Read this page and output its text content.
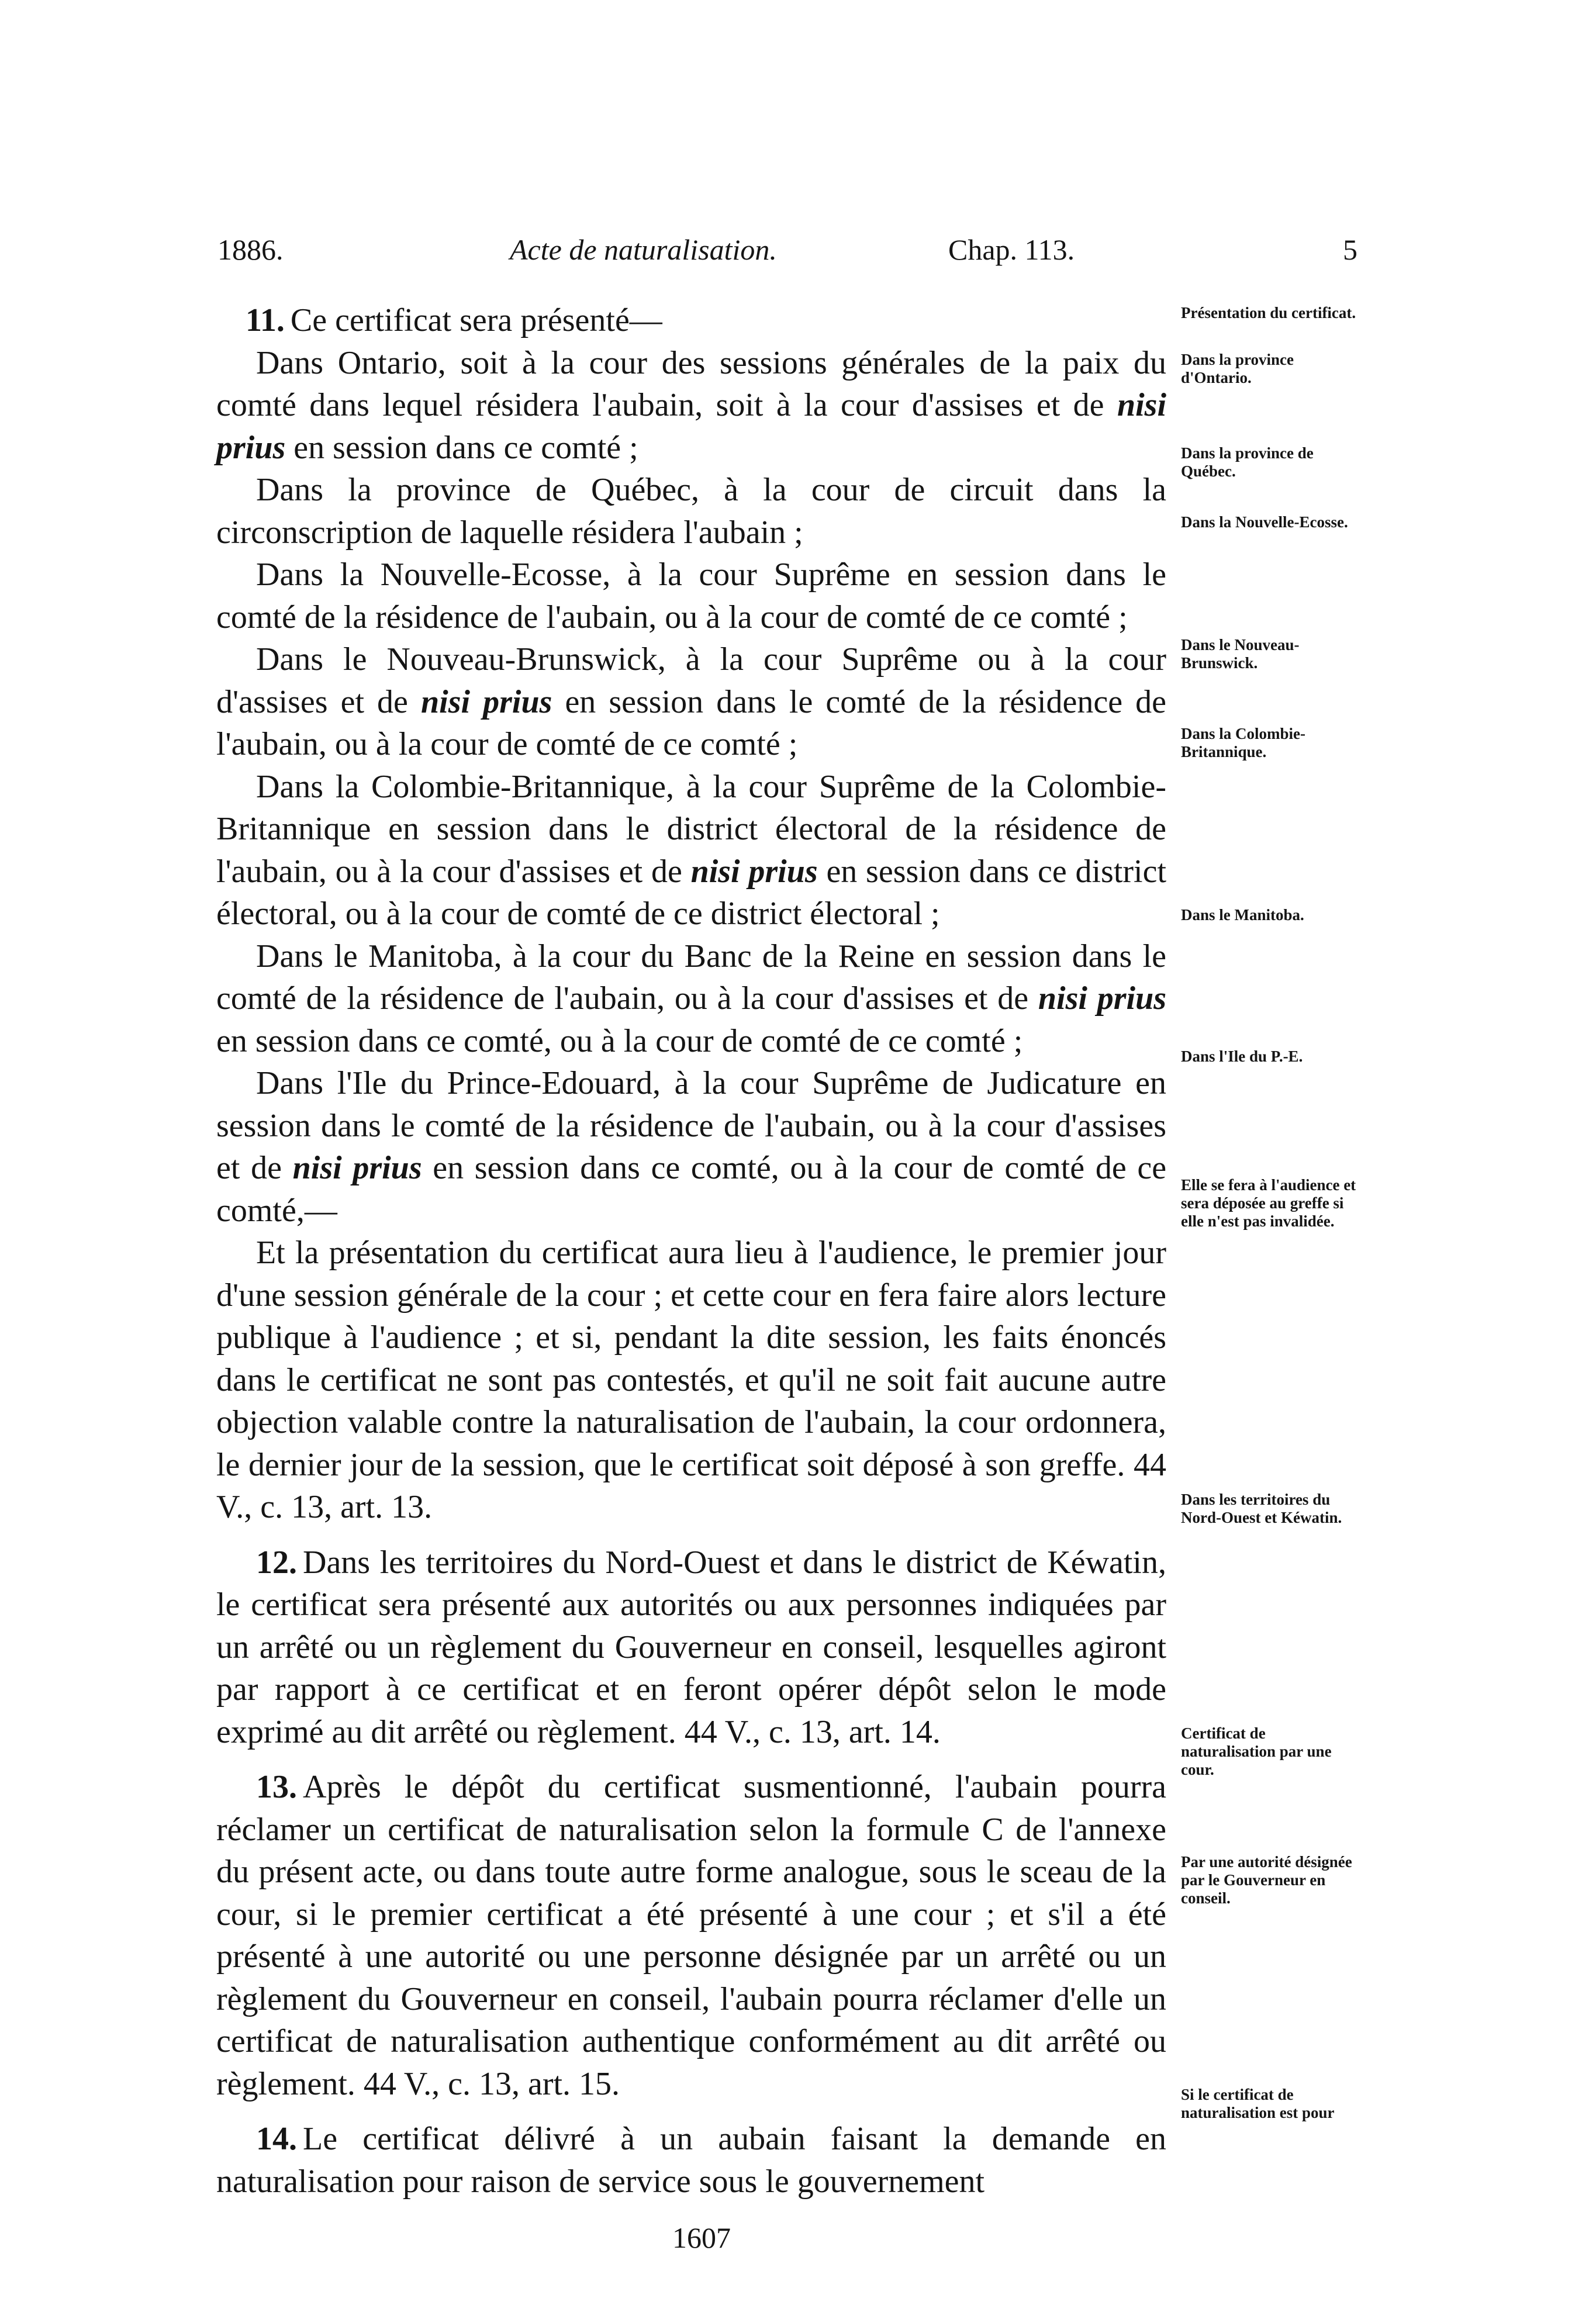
1886.	Acte de naturalisation.	Chap. 113.	5

11. Ce certificat sera présenté—

Dans Ontario, soit à la cour des sessions générales de la paix du comté dans lequel résidera l'aubain, soit à la cour d'assises et de nisi prius en session dans ce comté ;

Dans la province de Québec, à la cour de circuit dans la circonscription de laquelle résidera l'aubain ;

Dans la Nouvelle-Ecosse, à la cour Suprême en session dans le comté de la résidence de l'aubain, ou à la cour de comté de ce comté ;

Dans le Nouveau-Brunswick, à la cour Suprême ou à la cour d'assises et de nisi prius en session dans le comté de la résidence de l'aubain, ou à la cour de comté de ce comté ;

Dans la Colombie-Britannique, à la cour Suprême de la Colombie-Britannique en session dans le district électoral de la résidence de l'aubain, ou à la cour d'assises et de nisi prius en session dans ce district électoral, ou à la cour de comté de ce district électoral ;

Dans le Manitoba, à la cour du Banc de la Reine en session dans le comté de la résidence de l'aubain, ou à la cour d'assises et de nisi prius en session dans ce comté, ou à la cour de comté de ce comté ;

Dans l'Ile du Prince-Edouard, à la cour Suprême de Judicature en session dans le comté de la résidence de l'aubain, ou à la cour d'assises et de nisi prius en session dans ce comté, ou à la cour de comté de ce comté,—

Et la présentation du certificat aura lieu à l'audience, le premier jour d'une session générale de la cour ; et cette cour en fera faire alors lecture publique à l'audience ; et si, pendant la dite session, les faits énoncés dans le certificat ne sont pas contestés, et qu'il ne soit fait aucune autre objection valable contre la naturalisation de l'aubain, la cour ordonnera, le dernier jour de la session, que le certificat soit déposé à son greffe. 44 V., c. 13, art. 13.

12. Dans les territoires du Nord-Ouest et dans le district de Kéwatin, le certificat sera présenté aux autorités ou aux personnes indiquées par un arrêté ou un règlement du Gouverneur en conseil, lesquelles agiront par rapport à ce certificat et en feront opérer dépôt selon le mode exprimé au dit arrêté ou règlement. 44 V., c. 13, art. 14.

13. Après le dépôt du certificat susmentionné, l'aubain pourra réclamer un certificat de naturalisation selon la formule C de l'annexe du présent acte, ou dans toute autre forme analogue, sous le sceau de la cour, si le premier certificat a été présenté à une cour ; et s'il a été présenté à une autorité ou une personne désignée par un arrêté ou un règlement du Gouverneur en conseil, l'aubain pourra réclamer d'elle un certificat de naturalisation authentique conformément au dit arrêté ou règlement. 44 V., c. 13, art. 15.

14. Le certificat délivré à un aubain faisant la demande en naturalisation pour raison de service sous le gouvernement

Présentation du certificat.
Dans la province d'Ontario.
Dans la province de Québec.
Dans la Nouvelle-Ecosse.
Dans le Nouveau-Brunswick.
Dans la Colombie-Britannique.
Dans le Manitoba.
Dans l'Ile du P.-E.
Elle se fera à l'audience et sera déposée au greffe si elle n'est pas invalidée.
Dans les territoires du Nord-Ouest et Kéwatin.
Certificat de naturalisation par une cour.
Par une autorité désignée par le Gouverneur en conseil.
Si le certificat de naturalisation est pour
1607
